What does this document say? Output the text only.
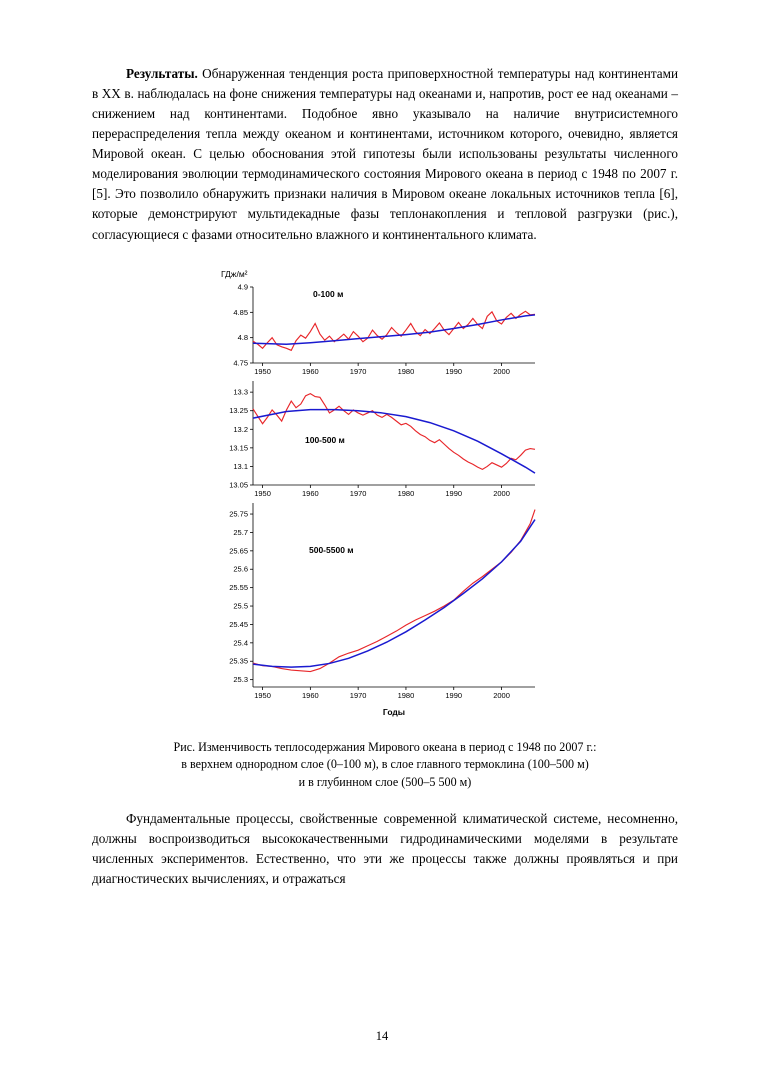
Результаты. Обнаруженная тенденция роста приповерхностной температуры над континентами в XX в. наблюдалась на фоне снижения температуры над океанами и, напротив, рост ее над океанами – снижением над континентами. Подобное явно указывало на наличие внутрисистемного перераспределения тепла между океаном и континентами, источником которого, очевидно, является Мировой океан. С целью обоснования этой гипотезы были использованы результаты численного моделирования эволюции термодинамического состояния Мирового океана в период с 1948 по 2007 г. [5]. Это позволило обнаружить признаки наличия в Мировом океане локальных источников тепла [6], которые демонстрируют мультидекадные фазы теплонакопления и тепловой разгрузки (рис.), согласующиеся с фазами относительно влажного и континентального климата.

ГДж/м²
4.9
4.85
4.8
4.75
1950	1960	1970	1980	1990	2000
0-100 м
13.3
13.25
13.2
13.15
13.1
13.05
1950	1960	1970	1980	1990	2000
100-500 м
25.75
25.7
25.65
25.6
25.55
25.5
25.45
25.4
25.35
25.3
1950	1960	1970	1980	1990	2000
500-5500 м
Годы
Рис. Изменчивость теплосодержания Мирового океана в период с 1948 по 2007 г.:
в верхнем однородном слое (0–100 м), в слое главного термоклина (100–500 м)
и в глубинном слое (500–5 500 м)

Фундаментальные процессы, свойственные современной климатической системе, несомненно, должны воспроизводиться высококачественными гидродинамическими моделями в результате численных экспериментов. Естественно, что эти же процессы также должны проявляться и при диагностических вычислениях, и отражаться

14
